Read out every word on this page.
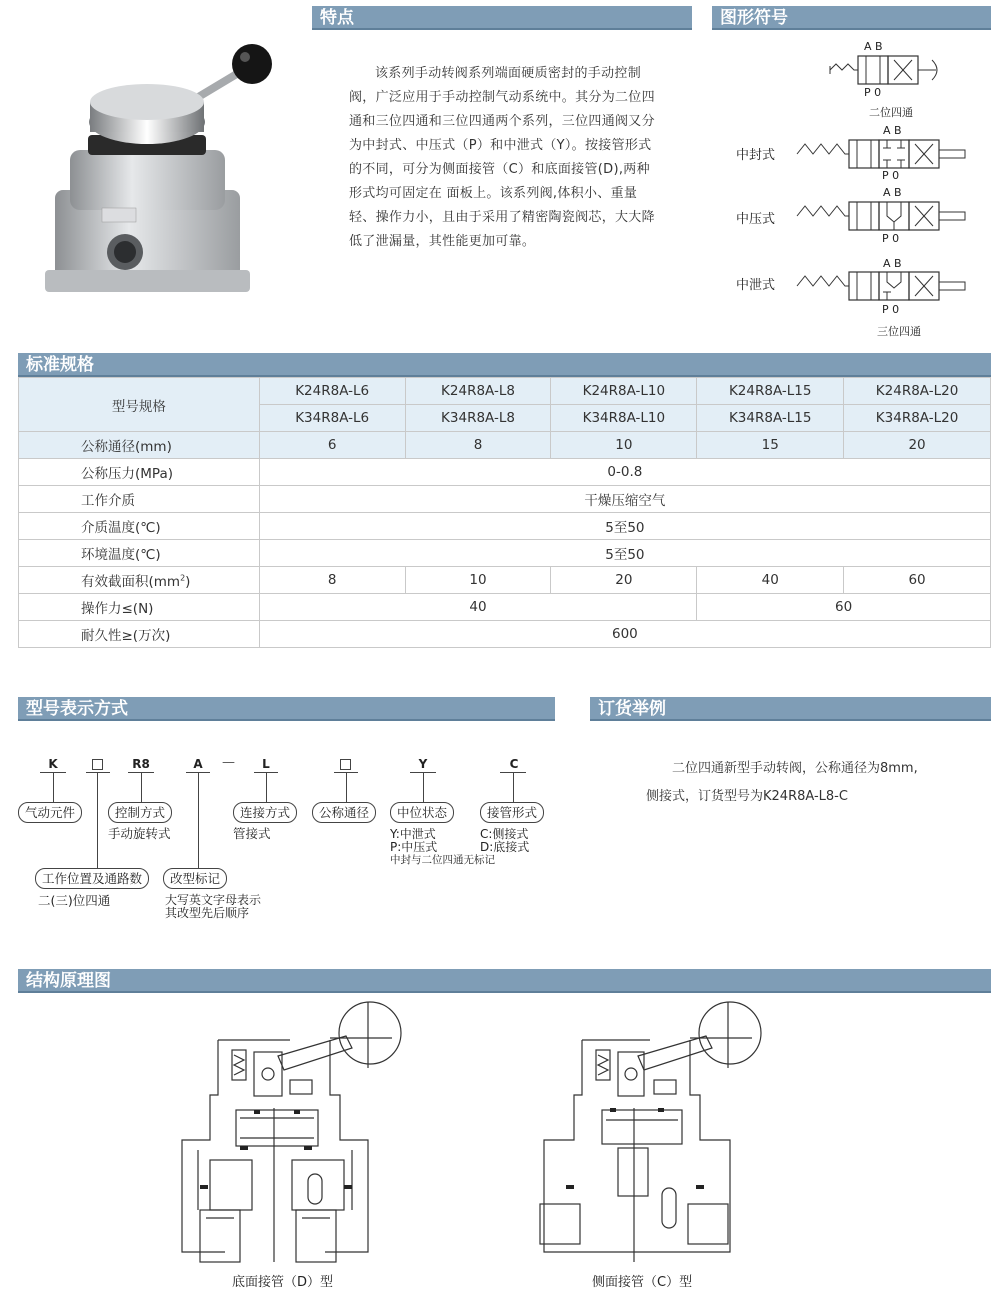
特点	图形符号
标准规格
型号表示方式	订货举例
结构原理图
该系列手动转阀系列端面硬质密封的手动控制阀，广泛应用于手动控制气动系统中。其分为二位四通和三位四通和三位四通两个系列，三位四通阀又分为中封式、中压式（P）和中泄式（Y）。按接管形式的不同，可分为侧面接管（C）和底面接管(D),两种形式均可固定在 面板上。该系列阀,体积小、重量轻、操作力小，且由于采用了精密陶瓷阀芯，大大降低了泄漏量，其性能更加可靠。
A B
P 0
二位四通
A B
中封式
P 0
A B
中压式
P 0
A B
中泄式
P 0
三位四通
型号规格	K24R8A-L6	K24R8A-L8	K24R8A-L10	K24R8A-L15	K24R8A-L20
	K34R8A-L6	K34R8A-L8	K34R8A-L10	K34R8A-L15	K34R8A-L20
公称通径(mm)	6	8	10	15	20
公称压力(MPa)	0-0.8				
工作介质	干燥压缩空气				
介质温度(℃)	5至50				
环境温度(℃)	5至50				
有效截面积$(mm^2)$	8	10	20	40	60
操作力≤(N)	40			60	
耐久性≥(万次)	600				
K	R8	A	—	L	Y	C
气动元件	控制方式
手动旋转式
连接方式
管接式
公称通径	中位状态
Y:中泄式
P:中压式
中封与二位四通无标记
接管形式
C:侧接式
D:底接式
工作位置及通路数
二(三)位四通
改型标记
大写英文字母表示
其改型先后顺序
二位四通新型手动转阀，公称通径为8mm,
侧接式，订货型号为K24R8A-L8-C
底面接管（D）型	侧面接管（C）型
